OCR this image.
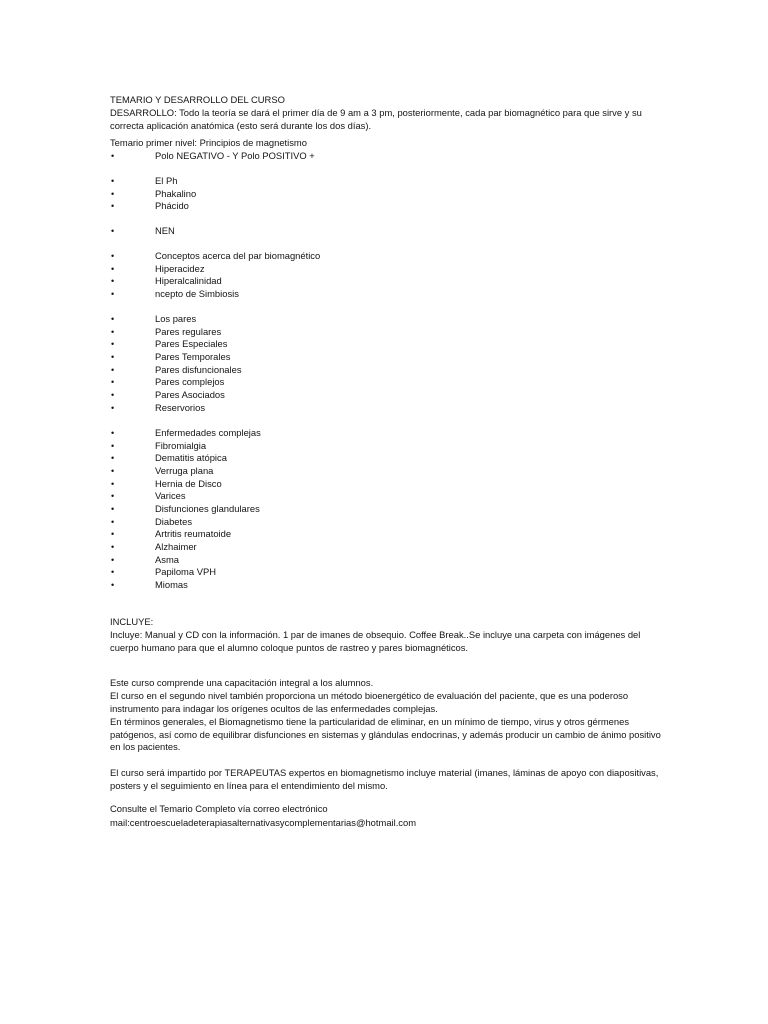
TEMARIO Y DESARROLLO DEL CURSO
DESARROLLO: Todo la teoría se dará el primer día de 9 am a 3 pm, posteriormente, cada par biomagnético para que sirve y su correcta aplicación anatómica (esto será durante los dos días).
Temario primer nivel: Principios de magnetismo
•	Polo NEGATIVO - Y Polo POSITIVO +
•	El Ph
•	Phakalino
•	Phácido
•	NEN
•	Conceptos acerca del par biomagnético
•	Hiperacidez
•	Hiperalcalinidad
•	ncepto de Simbiosis
•	Los pares
•	Pares regulares
•	Pares Especiales
•	Pares Temporales
•	Pares disfuncionales
•	Pares complejos
•	Pares Asociados
•	Reservorios
•	Enfermedades complejas
•	Fibromialgia
•	Dematitis atópica
•	Verruga plana
•	Hernia de Disco
•	Varices
•	Disfunciones glandulares
•	Diabetes
•	Artritis reumatoide
•	Alzhaimer
•	Asma
•	Papiloma VPH
•	Miomas
INCLUYE:
Incluye: Manual y CD con la información. 1 par de imanes de obsequio. Coffee Break..Se incluye una carpeta con imágenes del cuerpo humano para que el alumno coloque puntos de rastreo y pares biomagnéticos.
Este curso comprende una capacitación integral a los alumnos.
El curso en el segundo nivel también proporciona un método bioenergético de evaluación del paciente, que es una poderoso instrumento para indagar los orígenes ocultos de las enfermedades complejas.
En términos generales, el Biomagnetismo tiene la particularidad de eliminar, en un mínimo de tiempo, virus y otros gérmenes patógenos, así como de equilibrar disfunciones en sistemas y glándulas endocrinas, y además producir un cambio de ánimo positivo en los pacientes.
El curso será impartido por TERAPEUTAS expertos en biomagnetismo incluye material (imanes, láminas de apoyo con diapositivas, posters y el seguimiento en línea para el entendimiento del mismo.
Consulte el Temario Completo vía correo electrónico
mail:centroescueladeterapiasalternativasycomplementarias@hotmail.com
